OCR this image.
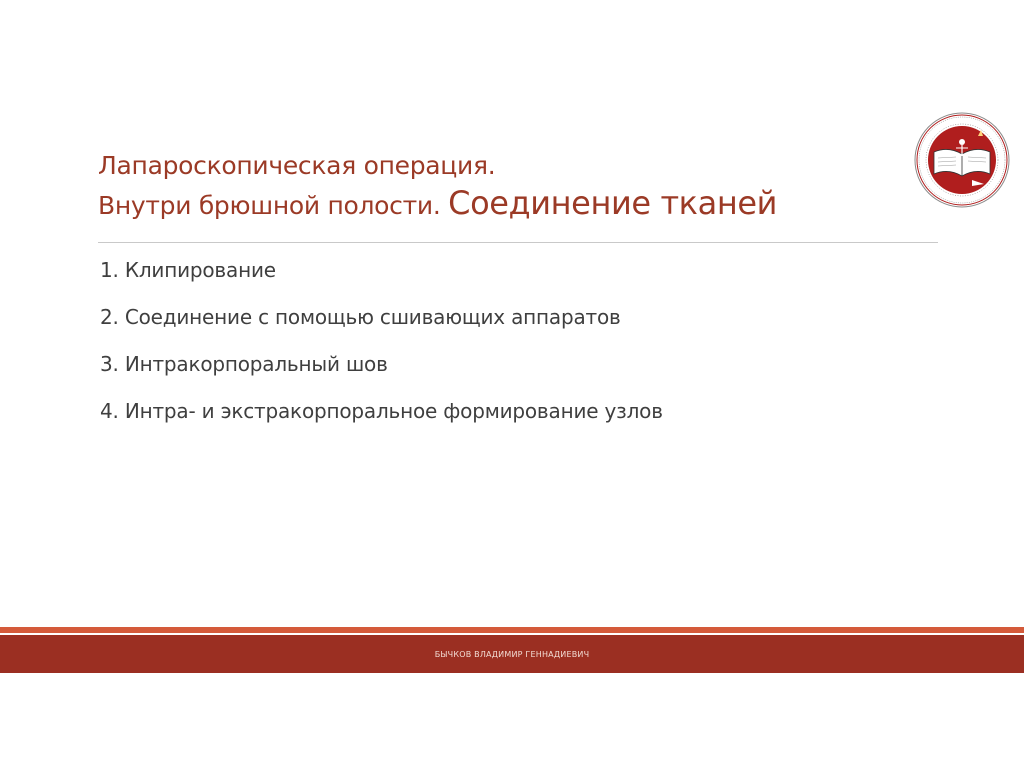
Лапароскопическая операция.
Внутри брюшной полости. Соединение тканей
1. Клипирование
2. Соединение с помощью сшивающих аппаратов
3. Интракорпоральный шов
4. Интра- и экстракорпоральное формирование узлов
БЫЧКОВ ВЛАДИМИР ГЕННАДИЕВИЧ
